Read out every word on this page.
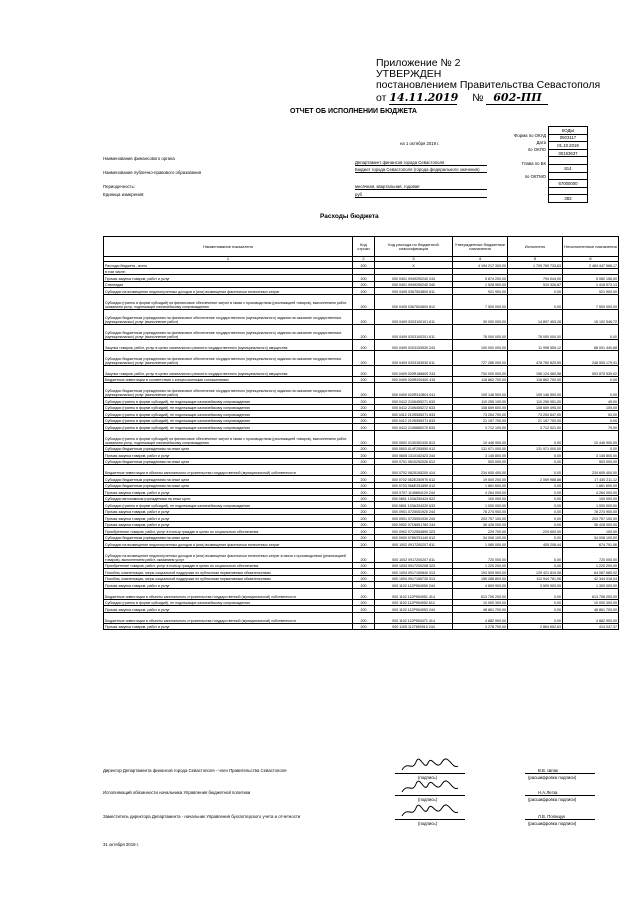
Приложение № 2
УТВЕРЖДЕН
постановлением Правительства Севастополя
от 14.11.2019 № 602-ПП
ОТЧЕТ ОБ ИСПОЛНЕНИИ БЮДЖЕТА
КОДЫ
0503117
01.10.2019
00153637

814

67000000

383
Форма по ОКУД
Дата
по ОКПО
Глава по БК
по ОКТМО
на 1 октября 2019 г.
Наименование финансового органа
Наименование публично-правового образования
Периодичность:
Единица измерения:
Департамент финансов города Севастополя
Бюджет города Севастополя (города федерального значения)
месячная, квартальная, годовая
руб
Расходы бюджета
Наименование показателя	Код строки	Код расхода по бюджетной классификации	Утвержденные бюджетные назначения	Исполнено	Неисполненные назначения
1	2	3	4	5	6
Расходы бюджета - всего	200	X	4 194 217 300,00	1 709 769 733,63	2 484 447 566,17
в том числе:					
Прочая закупка товаров, работ и услуг	200	000 0401 0949250240 244	5 874 200,00	794 044,00	5 080 156,00
Стипендии	200	000 0401 0949250240 340	1 928 900,00	510 326,87	1 418 573,13
Субсидии на возмещение недополученных доходов и (или) возмещение фактически понесенных затрат	200	000 0405 0367504800 811	921 900,00	0,00	921 900,00
Субсидии (гранты в форме субсидий) на финансовое обеспечение затрат в связи с производством (реализацией товаров), выполнением работ, оказанием услуг, подлежащие казначейскому сопровождению	200	000 0405 0367504800 812	7 500 000,00	0,00	7 500 000,00
Субсидии бюджетным учреждениям на финансовое обеспечение государственного (муниципального) задания на оказание государственных (муниципальных) услуг (выполнение работ)	200	000 0409 0203100101 611	30 000 000,00	14 897 453,28	15 102 546,72
Субсидии бюджетным учреждениям на финансовое обеспечение государственного (муниципального) задания на оказание государственных (муниципальных) услуг (выполнение работ)	200	000 0409 0203100201 611	78 000 000,00	78 000 000,00	0,00
Закупка товаров, работ, услуг в целях капитального ремонта государственного (муниципального) имущества	200	000 0409 0203153930 243	100 000 000,00	11 998 559,12	88 001 440,88
Субсидии бюджетным учреждениям на финансовое обеспечение государственного (муниципального) задания на оказание государственных (муниципальных) услуг (выполнение работ)	200	000 0409 0203153930 611	727 286 000,00	478 780 820,59	248 505 179,41
Закупка товаров, работ, услуг в целях капитального ремонта государственного (муниципального) имущества	200	000 0409 020R186600 243	700 000 000,00	196 124 460,98	503 875 539,02
Бюджетные инвестиции в соответствии с концессионными соглашениями	200	000 0409 020R200400 415	118 862 700,00	118 862 700,00	0,00
Субсидии бюджетным учреждениям на финансовое обеспечение государственного (муниципального) задания на оказание государственных (муниципальных) услуг (выполнение работ)	200	000 0409 020R310801 611	109 146 500,00	109 146 500,00	0,00
Субсидии (гранты в форме субсидий), не подлежащие казначейскому сопровождению	200	000 0412 2106455271 633	110 255 100,00	110 255 051,00	49,00
Субсидии (гранты в форме субсидий), не подлежащие казначейскому сопровождению	200	000 0412 2106455272 633	108 659 600,00	108 659 495,00	105,00
Субсидии (гранты в форме субсидий), не подлежащие казначейскому сопровождению	200	000 0412 210S555271 633	73 254 700,00	73 254 647,00	53,00
Субсидии (гранты в форме субсидий), не подлежащие казначейскому сопровождению	200	000 0412 210S555271 633	21 157 700,00	21 157 700,00	0,00
Субсидии (гранты в форме субсидий), не подлежащие казначейскому сопровождению	200	000 0412 2106865270 633	3 712 100,00	3 712 021,00	79,00
Субсидии (гранты в форме субсидий) на финансовое обеспечение затрат в связи с производством (реализацией товаров), выполнением работ, оказанием услуг, подлежащие казначейскому сопровождению	200	000 0502 0130352430 813	10 446 900,00	0,00	10 446 900,00
Субсидии бюджетным учреждениям на иные цели	200	000 0503 014F255550 612	131 971 000,00	131 971 000,00	0,00
Прочая закупка товаров, работ и услуг	200	000 0605 1310152423 244	3 145 800,00	0,00	3 145 800,00
Субсидии бюджетным учреждениям на иные цели	200	000 0701 0610252026 612	503 000,00	0,00	503 000,00
Бюджетные инвестиции в объекты капитального строительства государственной (муниципальной) собственности	200	000 0702 0625155200 414	234 605 400,00	0,00	234 605 400,00
Субсидии бюджетным учреждениям на иные цели	200	000 0702 062E250970 612	19 500 200,00	2 069 988,88	17 430 211,12
Субсидии бюджетным учреждениям на иные цели	200	000 0703 066E251690 612	1 861 600,00	0,00	1 861 600,00
Прочая закупка товаров, работ и услуг	200	000 0707 1145854120 244	4 264 000,00	0,00	4 264 000,00
Субсидии автономным учреждениям на иные цели	200	000 0801 103A250424 622	100 000,00	0,00	100 000,00
Субсидии (гранты в форме субсидий), не подлежащие казначейскому сопровождению	200	000 0801 103A254220 633	1 000 000,00	0,00	1 000 000,00
Прочая закупка товаров, работ и услуг	200	000 0901 0725051920 244	78 274 900,00	0,00	78 274 900,00
Прочая закупка товаров, работ и услуг	200	000 0901 0725051930 244	203 757 100,00	0,00	203 757 100,00
Прочая закупка товаров, работ и услуг	200	000 0902 071N651760 244	36 428 000,00	0,00	36 428 000,00
Приобретение товаров, работ, услуг в пользу граждан в целях их социального обеспечения	200	000 0902 0712554890 323	229 700,00	229 600,00	100,00
Субсидии бюджетным учреждениям на иные цели	200	000 0909 076N751140 612	34 008 100,00	0,00	34 008 100,00
Субсидии на возмещение недополученных доходов и (или) возмещение фактически понесенных затрат	200	000 1002 0917200207 811	1 080 000,00	405 208,44	674 791,56
Субсидии на возмещение недополученных доходов и (или) возмещение фактически понесенных затрат в связи с производством (реализацией товаров), выполнением работ, оказанием услуг	200	000 1002 0917200207 811	720 000,00	0,00	720 000,00
Приобретение товаров, работ, услуг в пользу граждан в целях их социального обеспечения	200	000 1003 0917200208 323	1 220 200,00	0,00	1 220 200,00
Пособия, компенсации, меры социальной поддержки по публичным нормативным обязательствам	200	000 1004 0917150840 313	193 509 500,00	129 421 819,08	64 087 680,92
Пособия, компенсации, меры социальной поддержки по публичным нормативным обязательствам	200	000 1004 0917155730 313	155 288 800,00	112 944 781,96	42 344 018,04
Прочая закупка товаров, работ и услуг	200	000 1102 112P554950 244	4 809 900,00	3 509 900,00	1 300 000,00
Бюджетные инвестиции в объекты капитального строительства государственной (муниципальной) собственности	200	000 1102 112P554951 414	613 706 200,00	0,00	613 706 200,00
Субсидии (гранты в форме субсидий), не подлежащие казначейскому сопровождению	200	000 1102 112P554952 612	10 000 300,00	0,00	10 000 300,00
Прочая закупка товаров, работ и услуг	200	000 1102 112P554953 244	48 861 700,00	0,00	48 861 700,00
Бюджетные инвестиции в объекты капитального строительства государственной (муниципальной) собственности	200	000 1102 112P554371 414	4 882 900,00	0,00	4 882 900,00
Прочая закупка товаров, работ и услуг	200	000 1105 1127650910 244	3 278 700,00	2 864 652,63	414 047,37
Директор Департамента финансов города Севастополя - член Правительства Севастополя
(подпись)
В.В. Шпак
(расшифровка подписи)
Исполняющий обязанности начальника Управления бюджетной политики
(подпись)
Н.А.Легза
(расшифровка подписи)
Заместитель директора Департамента - начальник Управления бухгалтерского учета и отчетности
(подпись)
Л.В. Полищук
(расшифровка подписи)
31 октября 2019 г.
